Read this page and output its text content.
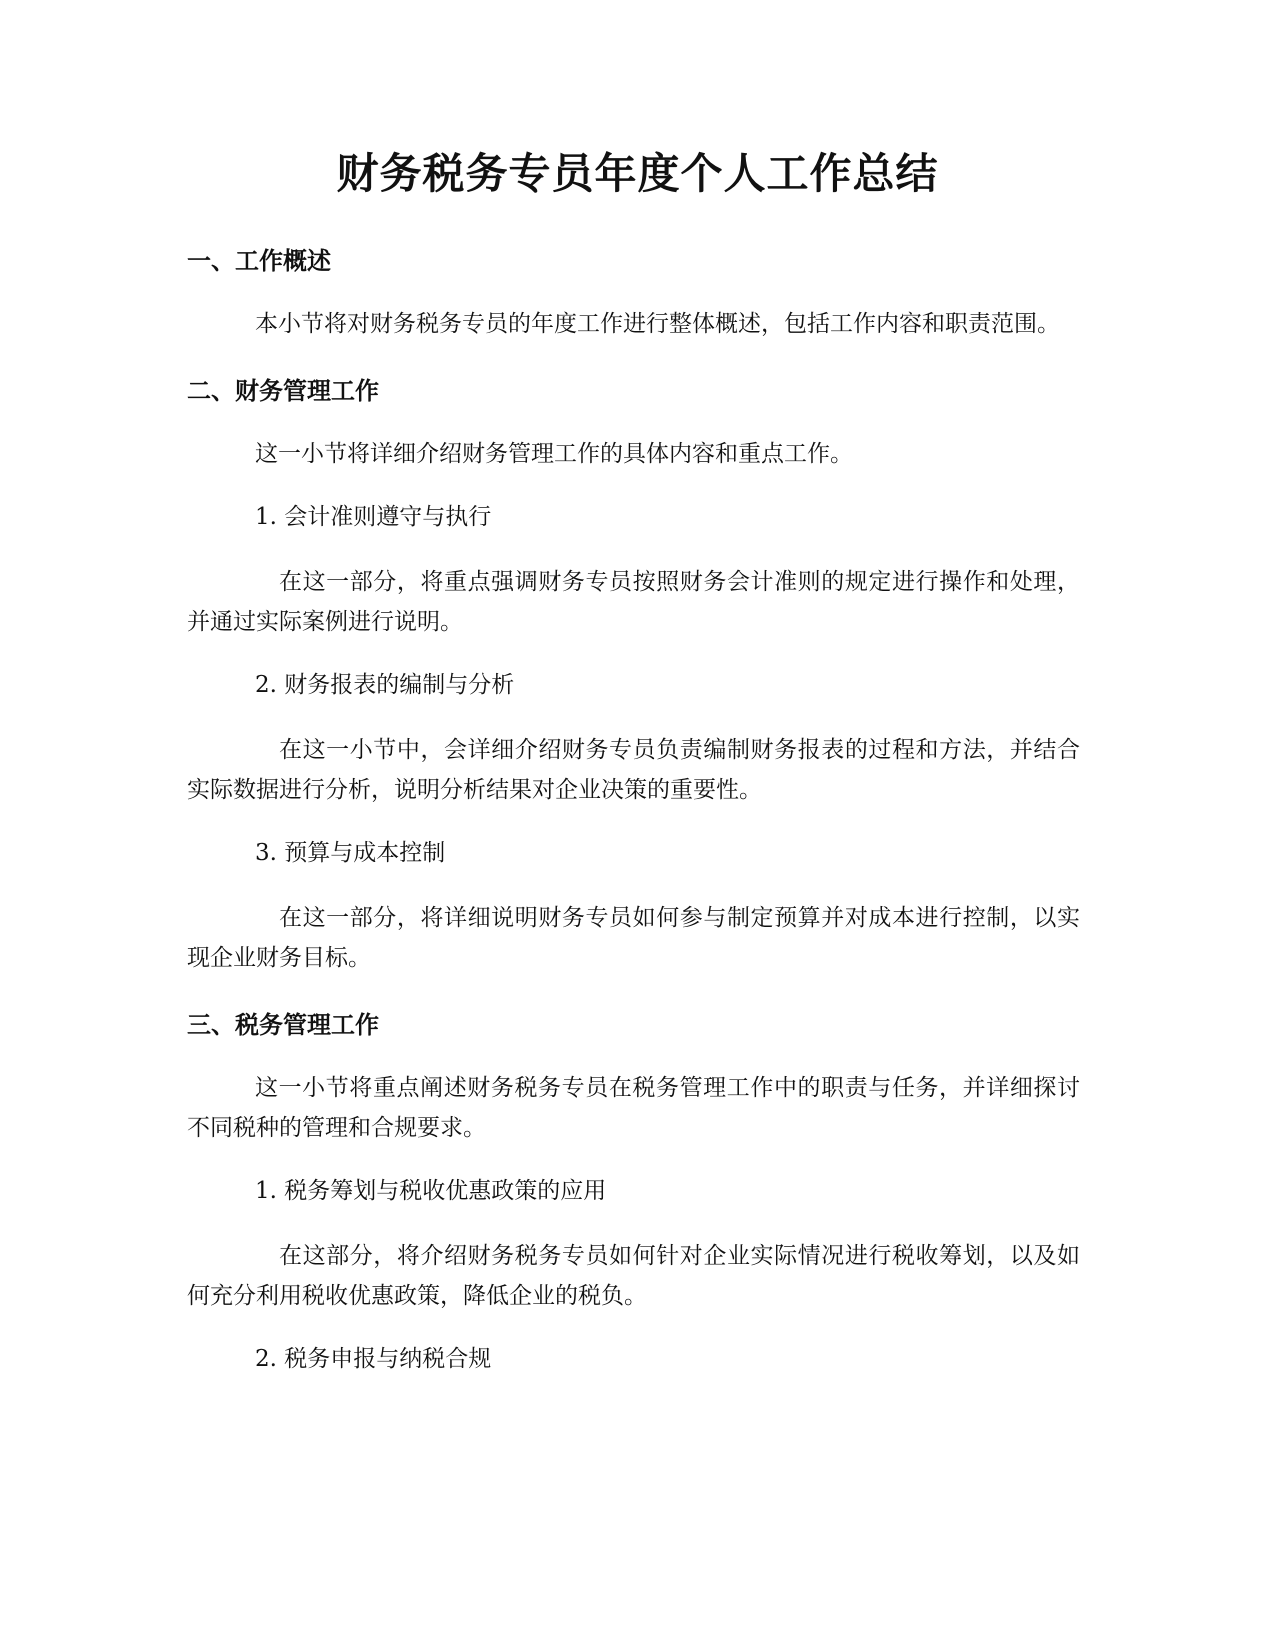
财务税务专员年度个人工作总结
一、工作概述

本小节将对财务税务专员的年度工作进行整体概述，包括工作内容和职责范围。

二、财务管理工作

这一小节将详细介绍财务管理工作的具体内容和重点工作。

1. 会计准则遵守与执行

在这一部分，将重点强调财务专员按照财务会计准则的规定进行操作和处理，并通过实际案例进行说明。

2. 财务报表的编制与分析

在这一小节中，会详细介绍财务专员负责编制财务报表的过程和方法，并结合实际数据进行分析，说明分析结果对企业决策的重要性。

3. 预算与成本控制

在这一部分，将详细说明财务专员如何参与制定预算并对成本进行控制，以实现企业财务目标。

三、税务管理工作

这一小节将重点阐述财务税务专员在税务管理工作中的职责与任务，并详细探讨不同税种的管理和合规要求。

1. 税务筹划与税收优惠政策的应用

在这部分，将介绍财务税务专员如何针对企业实际情况进行税收筹划，以及如何充分利用税收优惠政策，降低企业的税负。

2. 税务申报与纳税合规
